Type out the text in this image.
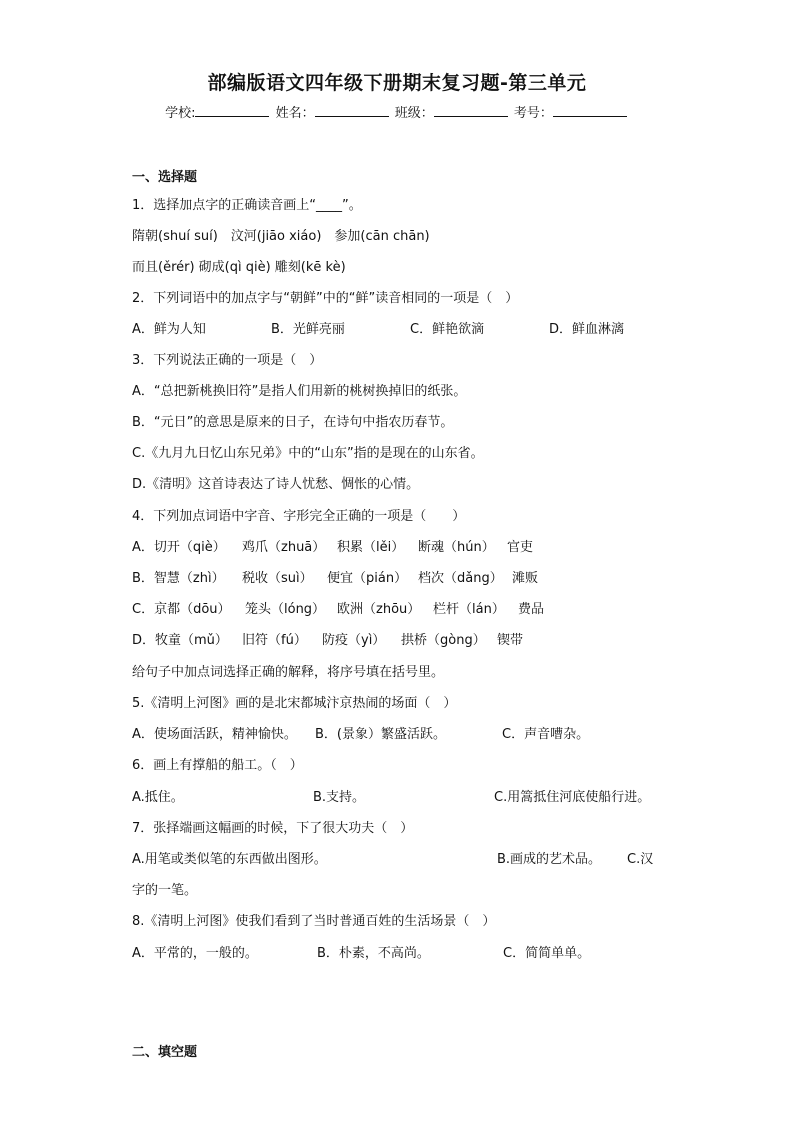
部编版语文四年级下册期末复习题-第三单元
学校:	姓名：	班级：	考号：
一、选择题
1．选择加点字的正确读音画上“____”。
隋朝(shuí suí)　汶河(jiāo xiáo)　参加(cān chān)
而且(ěrér) 砌成(qì qiè) 雕刻(kē kè)
2．下列词语中的加点字与“朝鲜”中的“鲜”读音相同的一项是（　）
A．鲜为人知	B．光鲜亮丽	C．鲜艳欲滴	D．鲜血淋漓
3．下列说法正确的一项是（　）
A．“总把新桃换旧符”是指人们用新的桃树换掉旧的纸张。
B．“元日”的意思是原来的日子，在诗句中指农历春节。
C.《九月九日忆山东兄弟》中的“山东”指的是现在的山东省。
D.《清明》这首诗表达了诗人忧愁、惆怅的心情。
4．下列加点词语中字音、字形完全正确的一项是（　　）
A．切开（qiè） 鸡爪（zhuā） 积累（lěi） 断魂（hún） 官吏
B．智慧（zhì） 税收（suì） 便宜（pián） 档次（dǎng） 滩贩
C．京都（dōu） 笼头（lóng） 欧洲（zhōu） 栏杆（lán） 费品
D．牧童（mǔ） 旧符（fú） 防疫（yì） 拱桥（gòng） 锲带
给句子中加点词选择正确的解释，将序号填在括号里。
5.《清明上河图》画的是北宋都城汴京热闹的场面（　）
A．使场面活跃，精神愉快。 B．(景象）繁盛活跃。	C．声音嘈杂。
6．画上有撑船的船工。（　）
A.抵住。	B.支持。	C.用篙抵住河底使船行进。
7．张择端画这幅画的时候，下了很大功夫（　）
A.用笔或类似笔的东西做出图形。	B.画成的艺术品。 C.汉
字的一笔。
8.《清明上河图》使我们看到了当时普通百姓的生活场景（　）
A．平常的，一般的。	B．朴素，不高尚。	C．简简单单。
二、填空题
